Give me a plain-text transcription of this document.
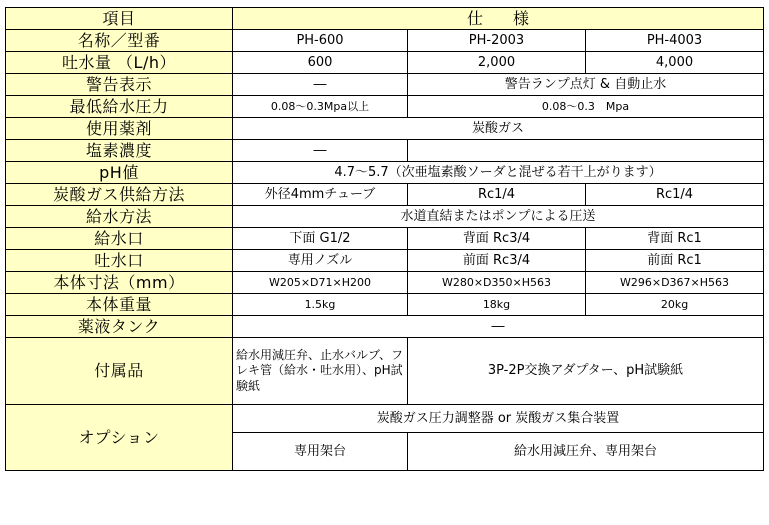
項目	仕様		
名称／型番	PH-600	PH-2003	PH-4003
吐水量 （L/h）	600	2,000	4,000
警告表示	―	警告ランプ点灯 & 自動止水	
最低給水圧力	0.08～0.3Mpa以上	0.08～0.3　Mpa	
使用薬剤	炭酸ガス		
塩素濃度	―		
pH値	4.7～5.7（次亜塩素酸ソーダと混ぜる若干上がります）		
炭酸ガス供給方法	外径4mmチューブ	Rc1/4	Rc1/4
給水方法	水道直結またはポンプによる圧送		
給水口	下面 G1/2	背面 Rc3/4	背面 Rc1
吐水口	専用ノズル	前面 Rc3/4	前面 Rc1
本体寸法（mm）	W205×D71×H200	W280×D350×H563	W296×D367×H563
本体重量	1.5kg	18kg	20kg
薬液タンク	―		
付属品	給水用減圧弁、止水バルブ、フレキ管（給水・吐水用）、pH試験紙	3P-2P交換アダプター、pH試験紙	
オプション	炭酸ガス圧力調整器 or 炭酸ガス集合装置		
	専用架台	給水用減圧弁、専用架台	
